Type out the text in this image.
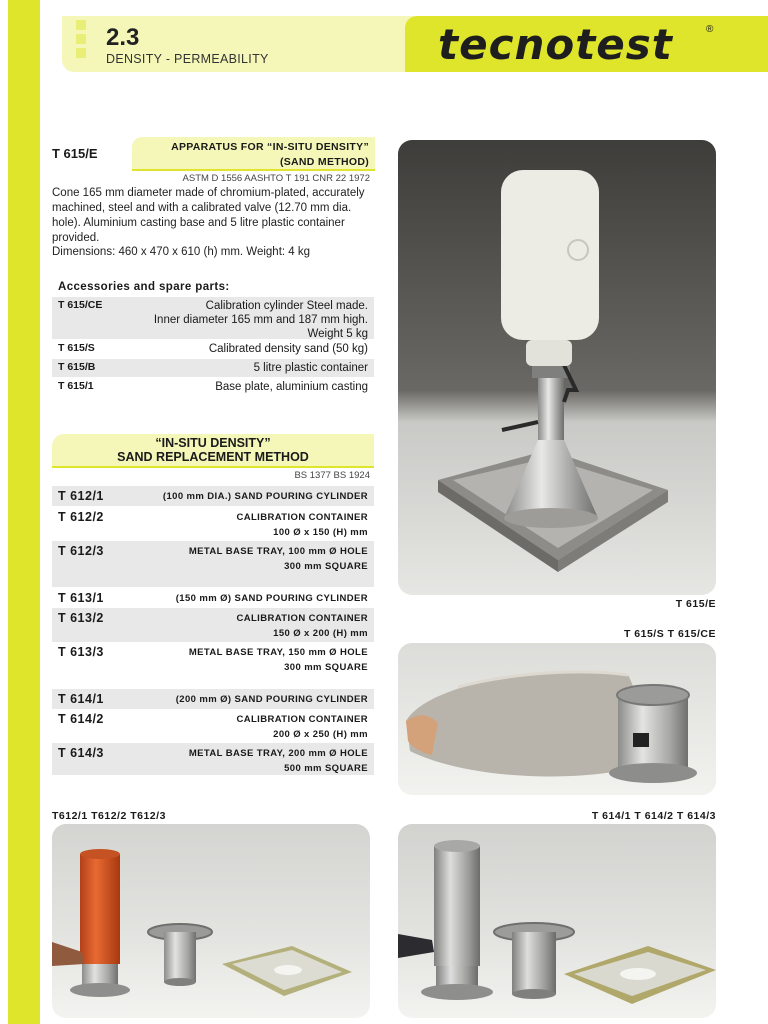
2.3
DENSITY - PERMEABILITY	tecnotest	®
T 615/E	APPARATUS FOR “IN-SITU DENSITY”
(SAND METHOD)
ASTM D 1556 AASHTO T 191 CNR 22 1972
Cone 165 mm diameter made of chromium-plated, accurately machined, steel and with a calibrated valve (12.70 mm dia. hole). Aluminium casting base and 5 litre plastic container provided.
Dimensions: 460 x 470 x 610 (h) mm. Weight: 4 kg
Accessories and spare parts:
T 615/CE	Calibration cylinder Steel made.
Inner diameter 165 mm and 187 mm high.
Weight 5 kg
T 615/S	Calibrated density sand (50 kg)
T 615/B	5 litre plastic container
T 615/1	Base plate, aluminium casting
“IN-SITU DENSITY”
SAND REPLACEMENT METHOD
BS 1377 BS 1924
T 612/1	(100 mm DIA.) SAND POURING CYLINDER
T 612/2	CALIBRATION CONTAINER
100 Ø x 150 (H) mm
T 612/3	METAL BASE TRAY, 100 mm Ø HOLE
300 mm SQUARE
T 613/1	(150 mm Ø) SAND POURING CYLINDER
T 613/2	CALIBRATION CONTAINER
150 Ø x 200 (H) mm
T 613/3	METAL BASE TRAY, 150 mm Ø HOLE
300 mm SQUARE
T 614/1	(200 mm Ø) SAND POURING CYLINDER
T 614/2	CALIBRATION CONTAINER
200 Ø x 250 (H) mm
T 614/3	METAL BASE TRAY, 200 mm Ø HOLE
500 mm SQUARE
T 615/E
T 615/S T 615/CE
T612/1 T612/2 T612/3	T 614/1 T 614/2 T 614/3
